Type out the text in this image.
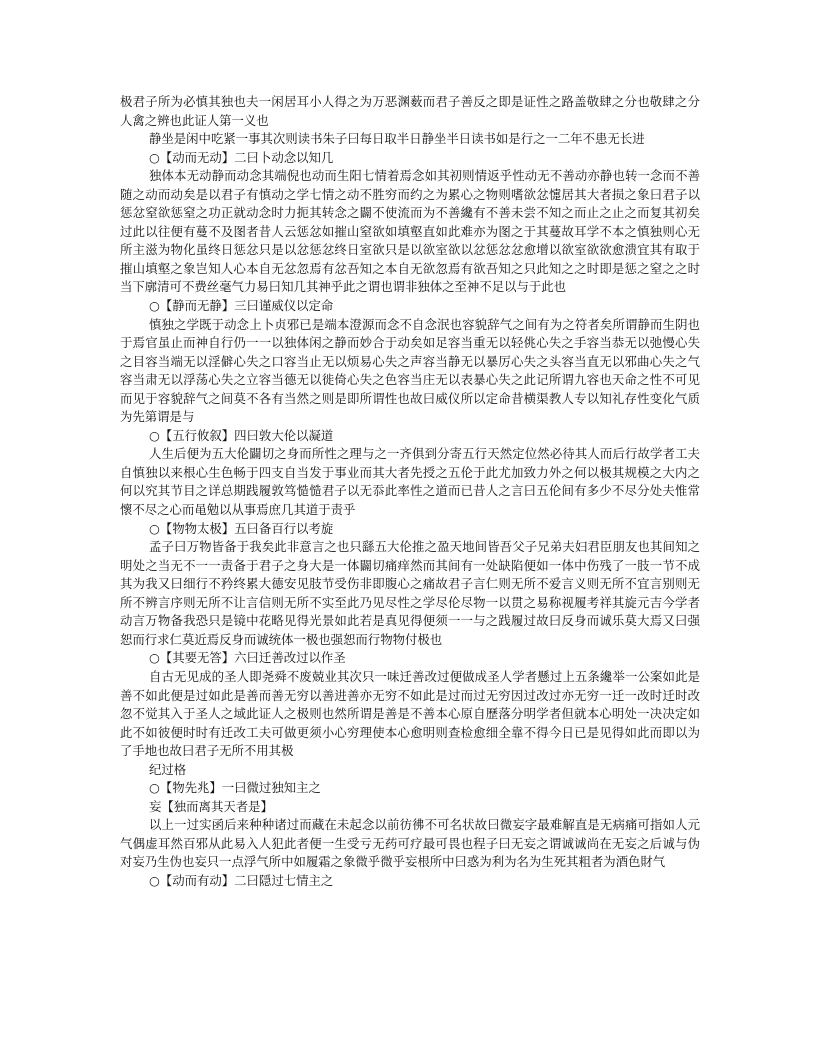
极君子所为必慎其独也夫一闲居耳小人得之为万恶渊薮而君子善反之即是证性之路盖敬肆之分也敬肆之分人禽之辨也此证人第一义也

静坐是闲中吃紧一事其次则读书朱子曰每日取半日静坐半日读书如是行之一二年不患无长进

○【动而无动】二曰卜动念以知几

独体本无动静而动念其端倪也动而生阳七情着焉念如其初则情返乎性动无不善动亦静也转一念而不善随之动而动矣是以君子有慎动之学七情之动不胜穷而约之为累心之物则嗜欲忿懥居其大者损之象曰君子以惩忿窒欲惩窒之功正就动念时力扼其转念之闢不使流而为不善纔有不善未尝不知之而止之止之而复其初矣过此以往便有蔓不及图者昔人云惩忿如摧山窒欲如填壑直如此难亦为图之于其蔓故耳学不本之慎独则心无所主滋为物化虽终日惩忿只是以忿惩忿终日室欲只是以欲室欲以忿惩忿忿愈增以欲室欲欲愈溃宜其有取于摧山填壑之象岂知人心本自无忿忽焉有忿吾知之本自无欲忽焉有欲吾知之只此知之之时即是惩之窒之之时当下廓清可不费丝毫气力易曰知几其神乎此之谓也谓非独体之至神不足以与于此也

○【静而无静】三曰谨威仪以定命

慎独之学既于动念上卜贞邪已是端本澄源而念不自念泯也容貌辞气之间有为之符者矣所谓静而生阴也于焉官虽止而神自行仍一一以独体闲之静而妙合于动矣如足容当重无以轻佻心失之手容当恭无以弛慢心失之目容当端无以淫僻心失之口容当止无以烦易心失之声容当静无以暴厉心失之头容当直无以邪曲心失之气容当肃无以浮荡心失之立容当德无以徙倚心失之色容当庄无以表暴心失之此记所谓九容也天命之性不可见而见于容貌辞气之间莫不各有当然之则是即所谓性也故曰威仪所以定命昔横渠教人专以知礼存性变化气质为先第谓是与

○【五行攸叙】四曰敦大伦以凝道

人生后便为五大伦闢切之身而所性之理与之一齐俱到分寄五行天然定位然必待其人而后行故学者工夫自慎独以来根心生色畅于四支自当发于事业而其大者先授之五伦于此尤加致力外之何以极其规模之大内之何以究其节目之详总期践履敦笃慥慥君子以无忝此率性之道而已昔人之言曰五伦间有多少不尽分处夫惟常懷不尽之心而黾勉以从事焉庶几其道于责乎

○【物物太极】五曰备百行以考旋

孟子曰万物皆备于我矣此非意言之也只繇五大伦推之盈天地间皆吾父子兄弟夫妇君臣朋友也其间知之明处之当无不一一责备于君子之身大是一体闢切痛痒然而其间有一处缺陷便如一体中伤残了一肢一节不成其为我又曰细行不矜终累大德安见肢节受伤非即腹心之痛故君子言仁则无所不爱言义则无所不宜言别则无所不辨言序则无所不让言信则无所不实至此乃见尽性之学尽伦尽物一以贯之易称视履考祥其旋元吉今学者动言万物备我恐只是镜中花略见得光景如此若是真见得便须一一与之践履过故曰反身而诚乐莫大焉又曰强恕而行求仁莫近焉反身而诚统体一极也强恕而行物物付极也

○【其要无答】六曰迁善改过以作圣

自古无见成的圣人即尧舜不废兢业其次只一味迁善改过便做成圣人学者懸过上五条纔举一公案如此是善不如此便是过如此是善而善无穷以善进善亦无穷不如此是过而过无穷因过改过亦无穷一迁一改时迁时改忽不觉其入于圣人之域此证人之极则也然所谓是善是不善本心原自歷落分明学者但就本心明处一决决定如此不如彼便时时有迁改工夫可做更须小心穷理使本心愈明则查检愈细全靠不得今日已是见得如此而即以为了手地也故曰君子无所不用其极

纪过格

○【物先兆】一曰微过独知主之

妄【独而离其天者是】

以上一过实函后来种种诸过而藏在未起念以前彷彿不可名状故曰微妄字最难解直是无病痛可指如人元气偶虚耳然百邪从此易入人犯此者便一生受亏无药可疗最可畏也程子曰无妄之谓诚诚尚在无妄之后诚与伪对妄乃生伪也妄只一点浮气所中如履霜之象微乎微乎妄根所中曰惑为利为名为生死其粗者为酒色財气

○【动而有动】二曰隠过七情主之
